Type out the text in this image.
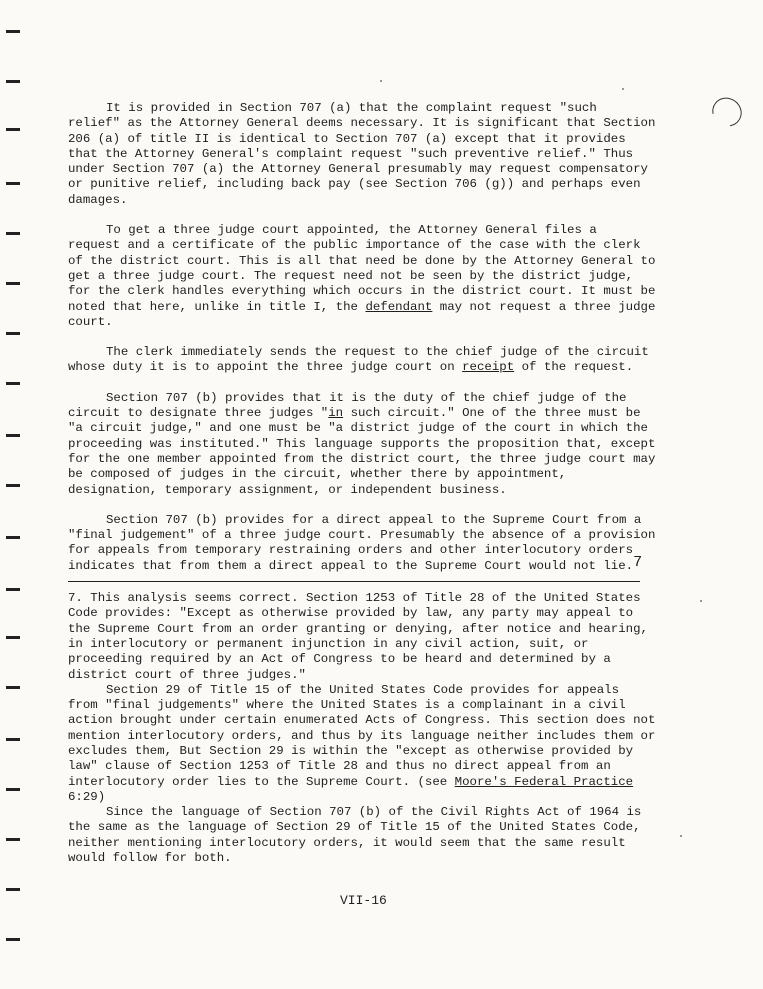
It is provided in Section 707 (a) that the complaint request "such relief" as the Attorney General deems necessary. It is significant that Section 206 (a) of title II is identical to Section 707 (a) except that it provides that the Attorney General's complaint request "such preventive relief." Thus under Section 707 (a) the Attorney General presumably may request compensatory or punitive relief, including back pay (see Section 706 (g)) and perhaps even damages.

To get a three judge court appointed, the Attorney General files a request and a certificate of the public importance of the case with the clerk of the district court. This is all that need be done by the Attorney General to get a three judge court. The request need not be seen by the district judge, for the clerk handles everything which occurs in the district court. It must be noted that here, unlike in title I, the defendant may not request a three judge court.

The clerk immediately sends the request to the chief judge of the circuit whose duty it is to appoint the three judge court on receipt of the request.

Section 707 (b) provides that it is the duty of the chief judge of the circuit to designate three judges "in such circuit." One of the three must be "a circuit judge," and one must be "a district judge of the court in which the proceeding was instituted." This language supports the proposition that, except for the one member appointed from the district court, the three judge court may be composed of judges in the circuit, whether there by appointment, designation, temporary assignment, or independent business.

Section 707 (b) provides for a direct appeal to the Supreme Court from a "final judgement" of a three judge court. Presumably the absence of a provision for appeals from temporary restraining orders and other interlocutory orders indicates that from them a direct appeal to the Supreme Court would not lie.$^7$

7. This analysis seems correct. Section 1253 of Title 28 of the United States Code provides: "Except as otherwise provided by law, any party may appeal to the Supreme Court from an order granting or denying, after notice and hearing, in interlocutory or permanent injunction in any civil action, suit, or proceeding required by an Act of Congress to be heard and determined by a district court of three judges."

Section 29 of Title 15 of the United States Code provides for appeals from "final judgements" where the United States is a complainant in a civil action brought under certain enumerated Acts of Congress. This section does not mention interlocutory orders, and thus by its language neither includes them or excludes them, But Section 29 is within the "except as otherwise provided by law" clause of Section 1253 of Title 28 and thus no direct appeal from an interlocutory order lies to the Supreme Court. (see Moore's Federal Practice 6:29)

Since the language of Section 707 (b) of the Civil Rights Act of 1964 is the same as the language of Section 29 of Title 15 of the United States Code, neither mentioning interlocutory orders, it would seem that the same result would follow for both.

VII-16
